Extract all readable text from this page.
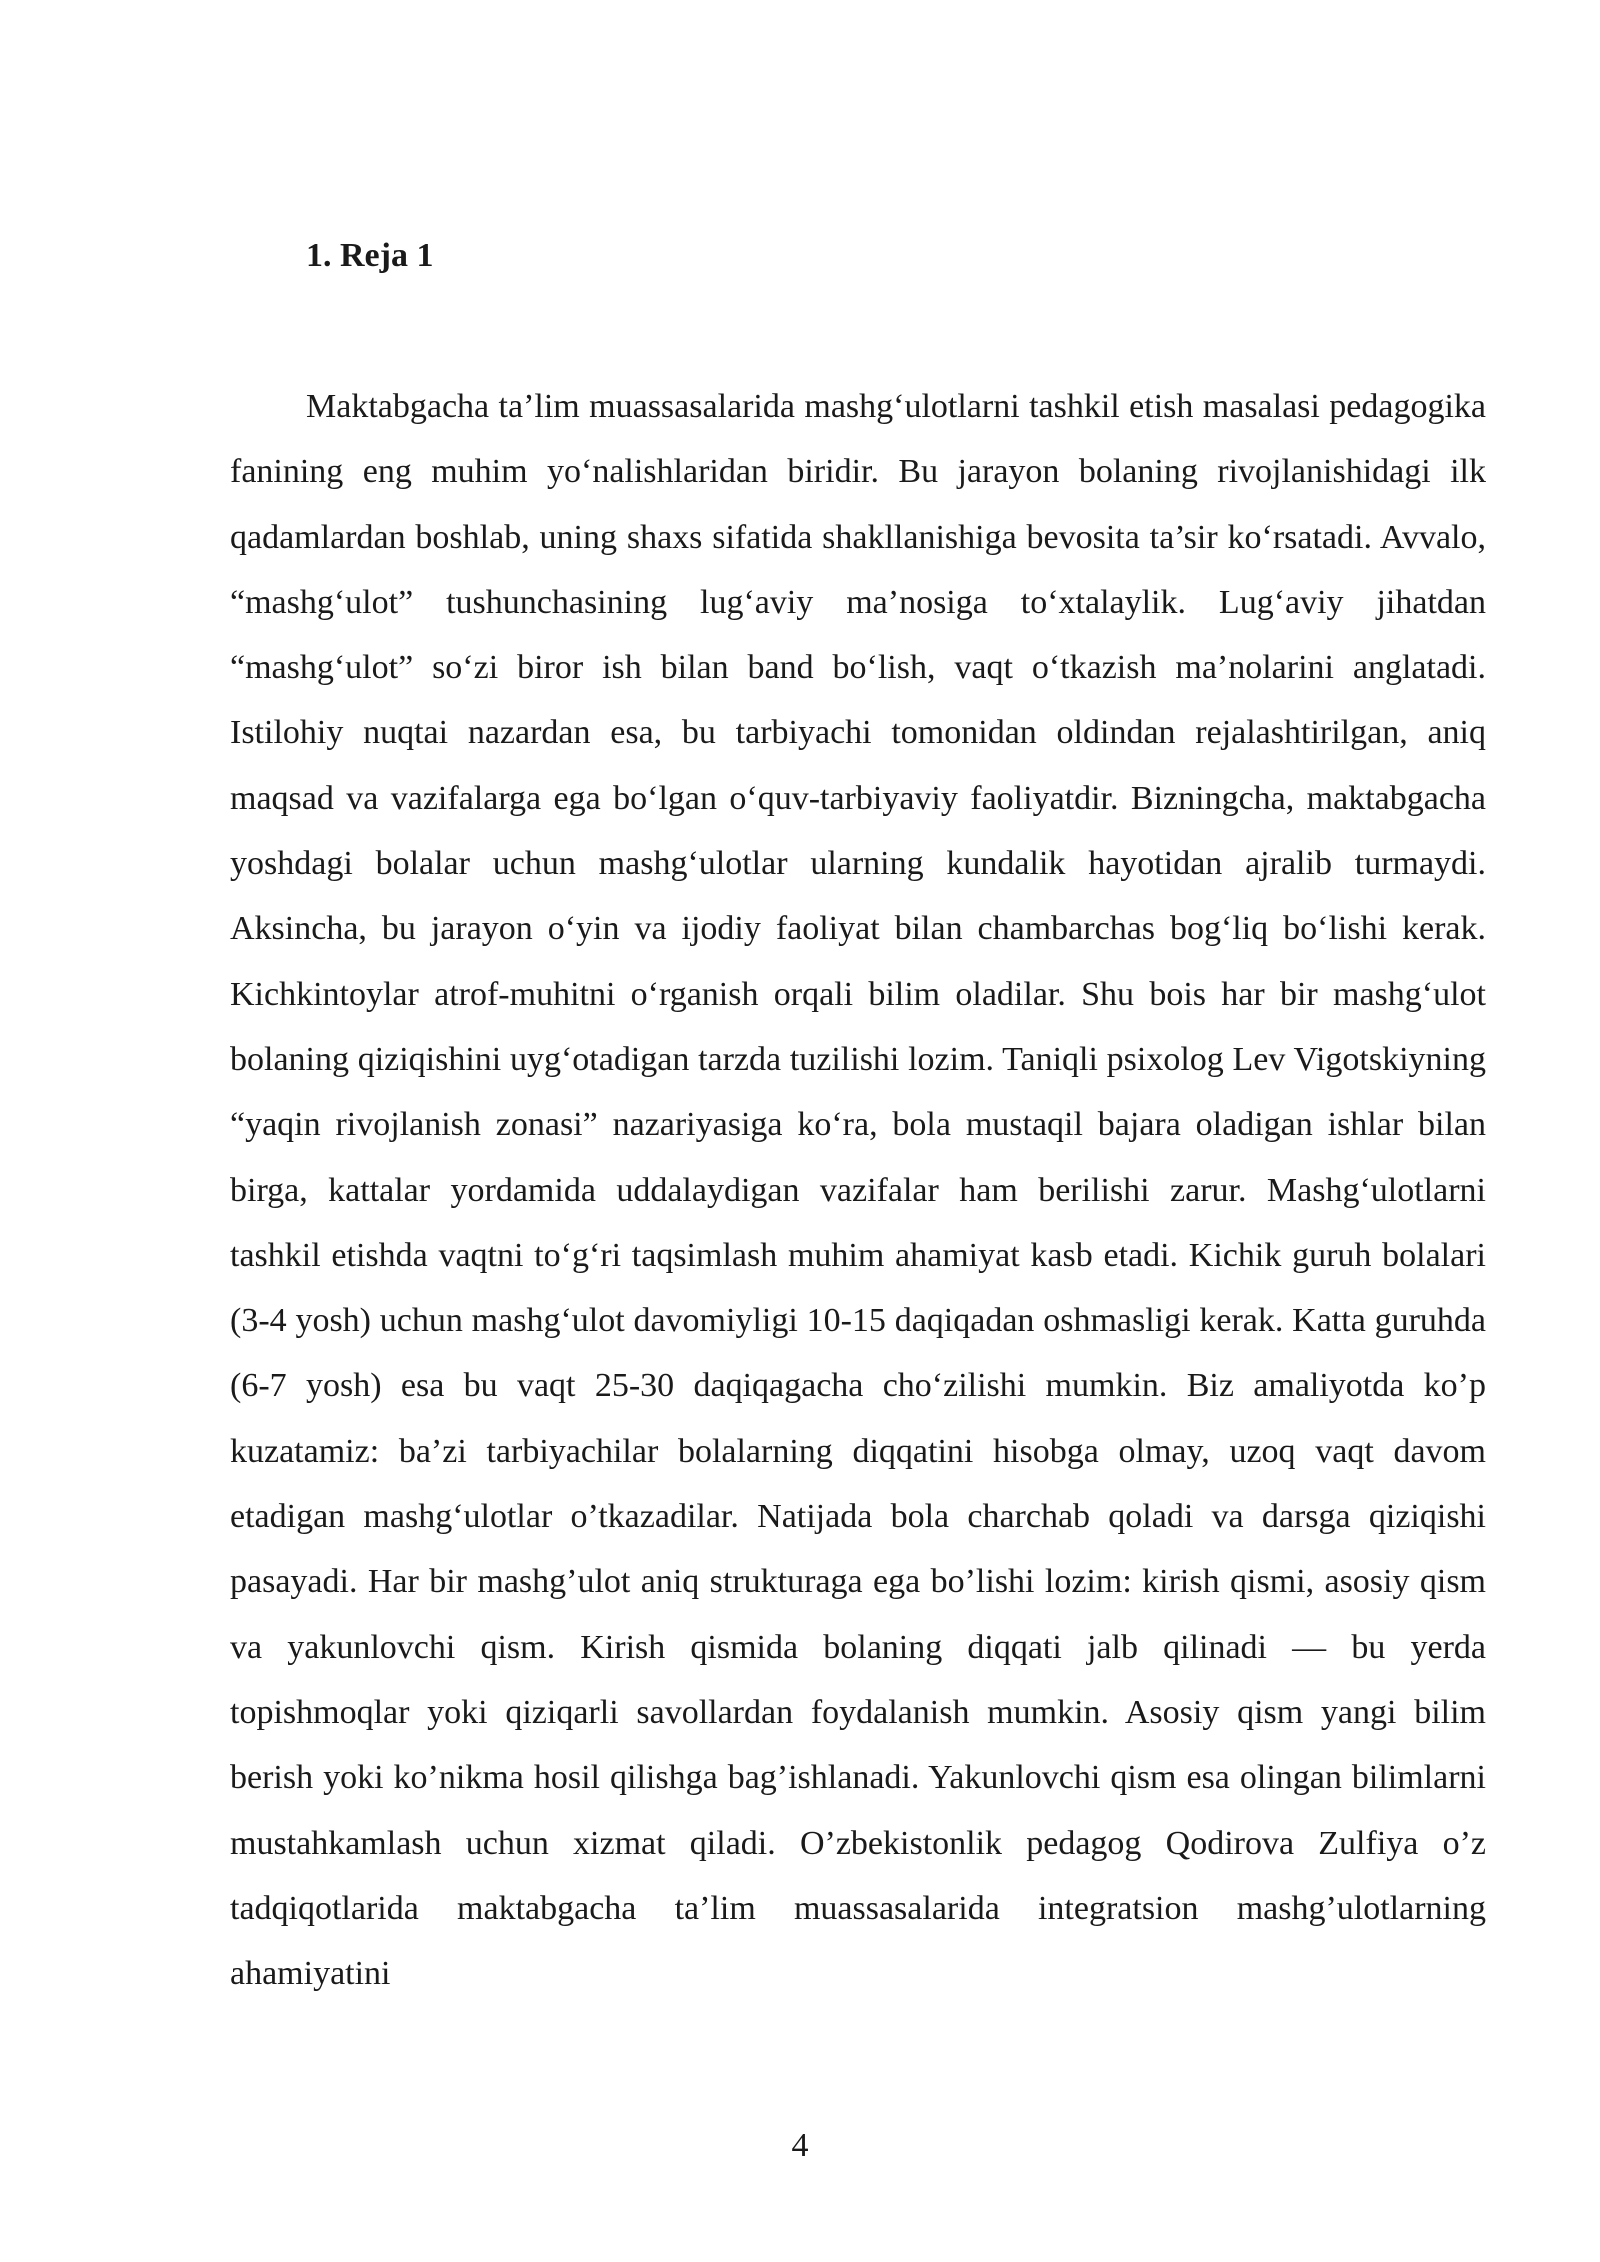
1. Reja 1

Maktabgacha ta’lim muassasalarida mashg‘ulotlarni tashkil etish masalasi pedagogika fanining eng muhim yo‘nalishlaridan biridir. Bu jarayon bolaning rivojlanishidagi ilk qadamlardan boshlab, uning shaxs sifatida shakllanishiga bevosita ta’sir ko‘rsatadi. Avvalo, “mashg‘ulot” tushunchasining lug‘aviy ma’nosiga to‘xtalaylik. Lug‘aviy jihatdan “mashg‘ulot” so‘zi biror ish bilan band bo‘lish, vaqt o‘tkazish ma’nolarini anglatadi. Istilohiy nuqtai nazardan esa, bu tarbiyachi tomonidan oldindan rejalashtirilgan, aniq maqsad va vazifalarga ega bo‘lgan o‘quv-tarbiyaviy faoliyatdir. Bizningcha, maktabgacha yoshdagi bolalar uchun mashg‘ulotlar ularning kundalik hayotidan ajralib turmaydi. Aksincha, bu jarayon o‘yin va ijodiy faoliyat bilan chambarchas bog‘liq bo‘lishi kerak. Kichkintoylar atrof-muhitni o‘rganish orqali bilim oladilar. Shu bois har bir mashg‘ulot bolaning qiziqishini uyg‘otadigan tarzda tuzilishi lozim. Taniqli psixolog Lev Vigotskiyning “yaqin rivojlanish zonasi” nazariyasiga ko‘ra, bola mustaqil bajara oladigan ishlar bilan birga, kattalar yordamida uddalaydigan vazifalar ham berilishi zarur. Mashg‘ulotlarni tashkil etishda vaqtni to‘g‘ri taqsimlash muhim ahamiyat kasb etadi. Kichik guruh bolalari (3-4 yosh) uchun mashg‘ulot davomiyligi 10-15 daqiqadan oshmasligi kerak. Katta guruhda (6-7 yosh) esa bu vaqt 25-30 daqiqagacha cho‘zilishi mumkin. Biz amaliyotda ko’p kuzatamiz: ba’zi tarbiyachilar bolalarning diqqatini hisobga olmay, uzoq vaqt davom etadigan mashg‘ulotlar o’tkazadilar. Natijada bola charchab qoladi va darsga qiziqishi pasayadi. Har bir mashg’ulot aniq strukturaga ega bo’lishi lozim: kirish qismi, asosiy qism va yakunlovchi qism. Kirish qismida bolaning diqqati jalb qilinadi — bu yerda topishmoqlar yoki qiziqarli savollardan foydalanish mumkin. Asosiy qism yangi bilim berish yoki ko’nikma hosil qilishga bag’ishlanadi. Yakunlovchi qism esa olingan bilimlarni mustahkamlash uchun xizmat qiladi. O’zbekistonlik pedagog Qodirova Zulfiya o’z tadqiqotlarida maktabgacha ta’lim muassasalarida integratsion mashg’ulotlarning ahamiyatini

4
